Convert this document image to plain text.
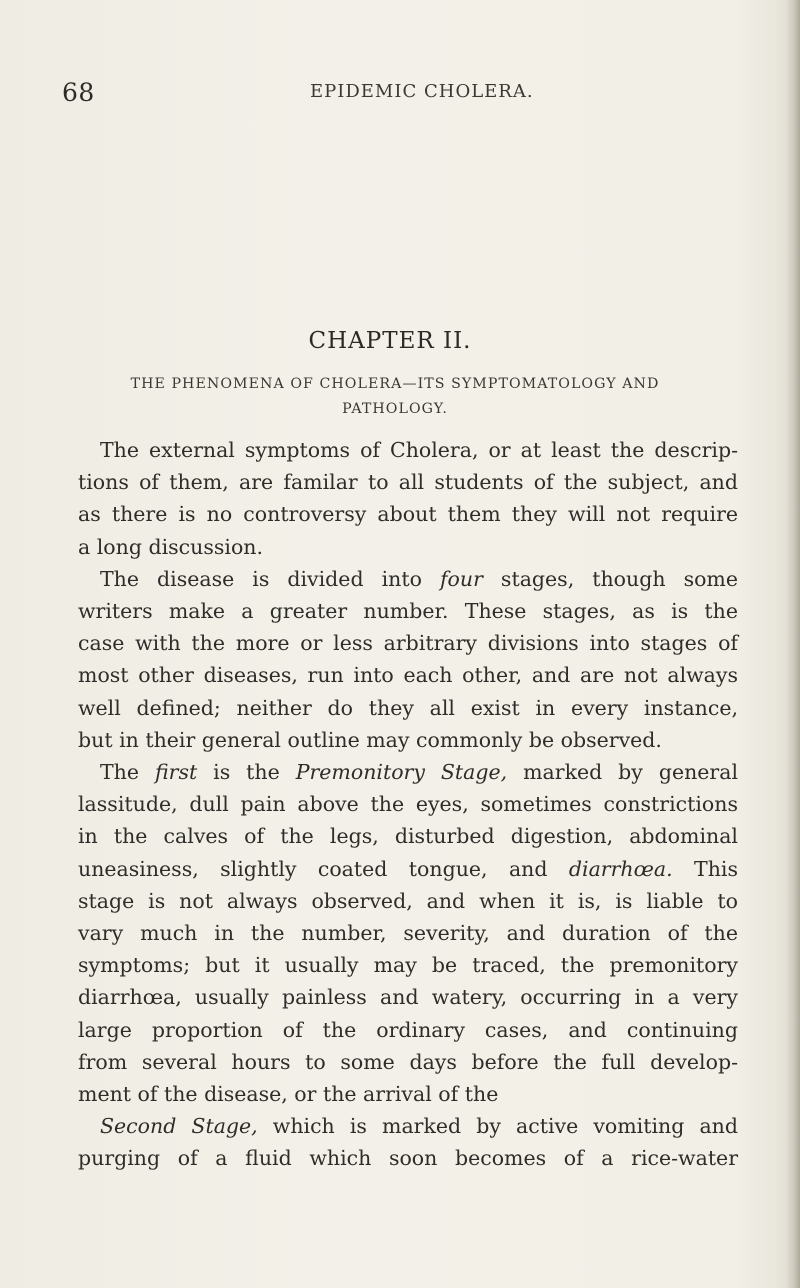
68	EPIDEMIC CHOLERA.
CHAPTER II.
THE PHENOMENA OF CHOLERA—ITS SYMPTOMATOLOGY AND
PATHOLOGY.
The external symptoms of Cholera, or at least the descrip-
tions of them, are familar to all students of the subject, and
as there is no controversy about them they will not require
a long discussion.
The disease is divided into four stages, though some
writers make a greater number. These stages, as is the
case with the more or less arbitrary divisions into stages of
most other diseases, run into each other, and are not always
well defined; neither do they all exist in every instance,
but in their general outline may commonly be observed.
The first is the Premonitory Stage, marked by general
lassitude, dull pain above the eyes, sometimes constrictions
in the calves of the legs, disturbed digestion, abdominal
uneasiness, slightly coated tongue, and diarrhœa. This
stage is not always observed, and when it is, is liable to
vary much in the number, severity, and duration of the
symptoms; but it usually may be traced, the premonitory
diarrhœa, usually painless and watery, occurring in a very
large proportion of the ordinary cases, and continuing
from several hours to some days before the full develop-
ment of the disease, or the arrival of the
Second Stage, which is marked by active vomiting and
purging of a fluid which soon becomes of a rice-water
